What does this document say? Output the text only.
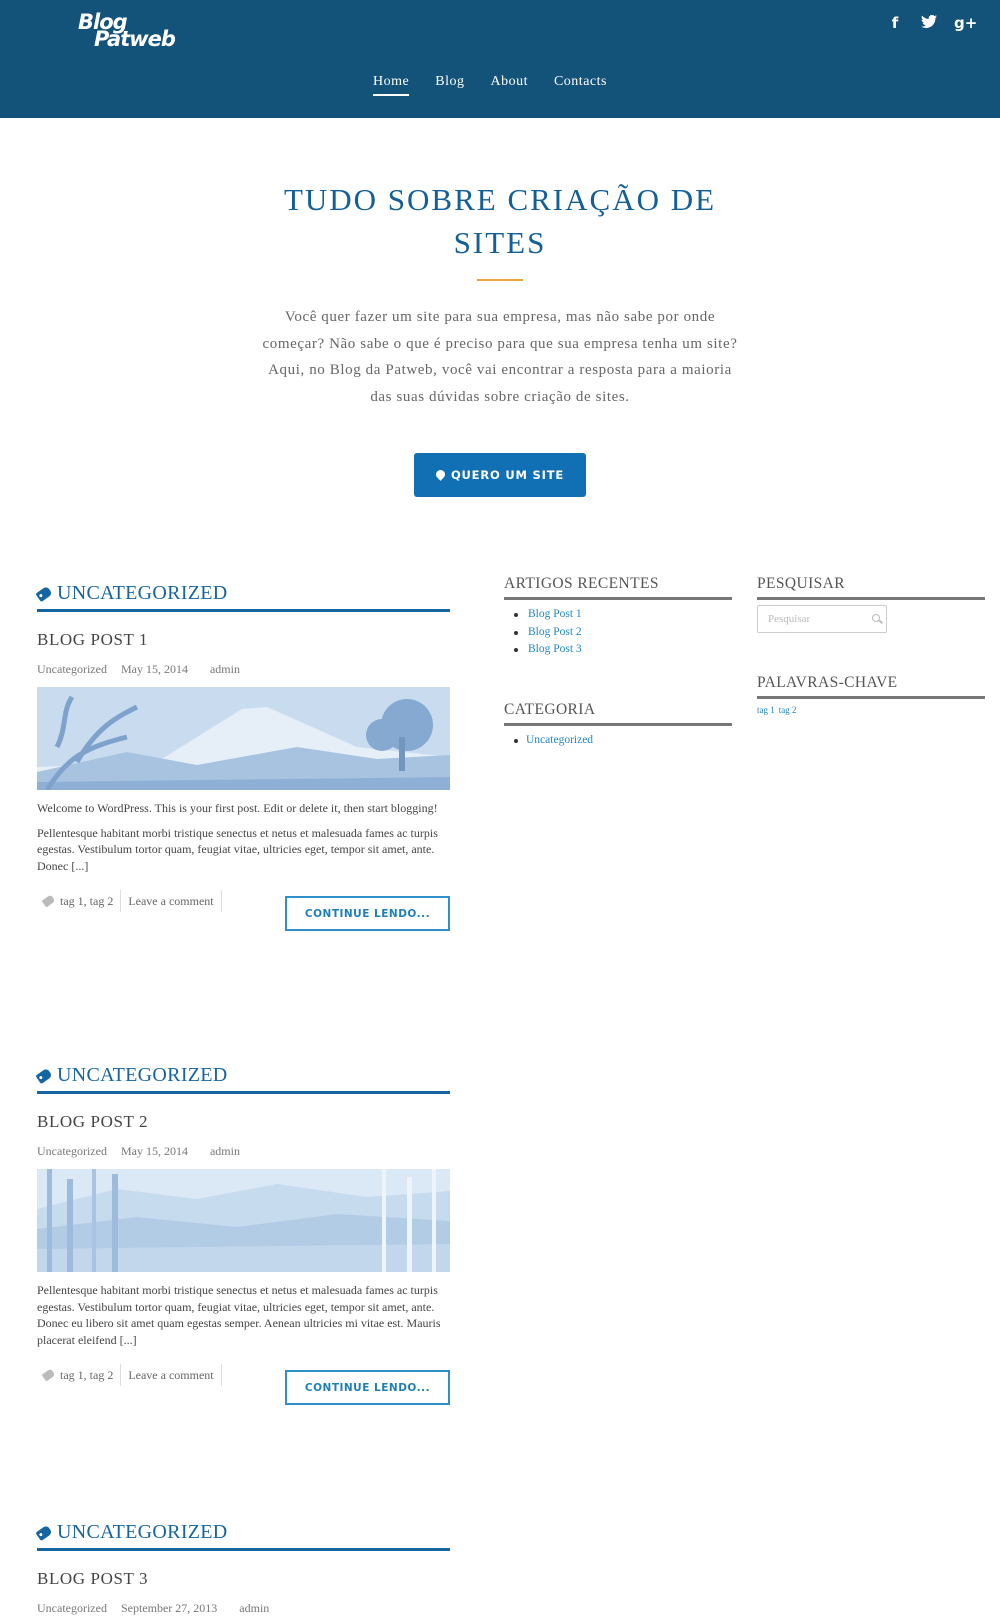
Blog
Patweb
f	g+
Home Blog About Contacts
TUDO SOBRE CRIAÇÃO DE SITES
Você quer fazer um site para sua empresa, mas não sabe por onde começar? Não sabe o que é preciso para que sua empresa tenha um site? Aqui, no Blog da Patweb, você vai encontrar a resposta para a maioria das suas dúvidas sobre criação de sites.
QUERO UM SITE
UNCATEGORIZED
BLOG POST 1
Uncategorized May 15, 2014 admin

Welcome to WordPress. This is your first post. Edit or delete it, then start blogging!

Pellentesque habitant morbi tristique senectus et netus et malesuada fames ac turpis egestas. Vestibulum tortor quam, feugiat vitae, ultricies eget, tempor sit amet, ante. Donec [...]

tag 1, tag 2 Leave a comment
CONTINUE LENDO...
UNCATEGORIZED
BLOG POST 2
Uncategorized May 15, 2014 admin

Pellentesque habitant morbi tristique senectus et netus et malesuada fames ac turpis egestas. Vestibulum tortor quam, feugiat vitae, ultricies eget, tempor sit amet, ante. Donec eu libero sit amet quam egestas semper. Aenean ultricies mi vitae est. Mauris placerat eleifend [...]

tag 1, tag 2 Leave a comment
CONTINUE LENDO...
UNCATEGORIZED
BLOG POST 3
Uncategorized September 27, 2013 admin
ARTIGOS RECENTES
Blog Post 1
Blog Post 2
Blog Post 3
CATEGORIA
Uncategorized
PESQUISAR
Pesquisar
PALAVRAS-CHAVE
tag 1 tag 2
